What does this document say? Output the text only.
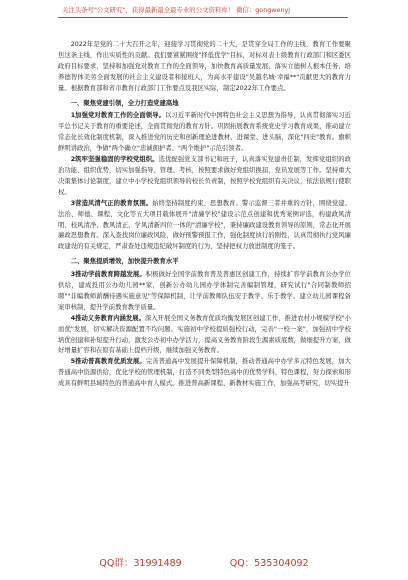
关注头条号"公文研究"，获得最新最全最专业的公文资料库！ 微信：gongwenyj

2022年是党的二十大召开之年，迎接学习贯彻党的二十大，是贯穿全局工作的主线，教育工作要聚焦这条主线，作出实质性的贡献。我们要紧紧围绕"择低优学"目标，对标对表上级教育行政部门和区委区政府目标要求，坚持和加强党对教育工作的全面领导，加快教育高质量发展，落实立德树人根本任务，培养德智体美劳全面发展的社会主义建设者和接班人，为高水平建设"吴越名城·幸福**"贡献更大的教育力量。根据教育部和省市教育行政部门工作要点及我区实际，制定2022年工作要点。

一、聚焦党建引领，全力打造党建高地

1加强党对教育工作的全面领导。以习近平新时代中国特色社会主义思想为指导，认真贯彻落实习近平总书记关于教育的重要论述，全面贯彻党的教育方针。巩固拓展教育系统党史学习教育成果，推动建立常态化长效化制度机制，深入推进党的历史和创新理论进教材、进课堂、进头脑，深化"四史"教育。旗帜鲜明讲政治，争做"两个确立"忠诚拥护者、"两个维护"示范引领者。

2筑牢坚强稳固的学校党组织。选优配强党支部书记和班子，认真落实党建责任制，发挥党组织的政治功能、组织优势，切实加强指导、管理、考核，按照要求做好党组织换届，党员发展等工作。坚持重大决策集体讨论制度，建立中小学校党组织领导的校长负责制，按照学校党组织有关决议，依法依规行使职权。

3营造风清气正的教育氛围。始终坚持制度约束、思想教育、警示监督三者并重的方针，围绕党建、法治、师德、课程、文化等五大项目载体展开"清廉学校"建设示范点创建和优秀案例评选，构建政风清明、校风清净、教风清正、学风清新四位一体的"清廉学校"，秉持廉政建设教育领导的原则，常态化开展廉政思想教育。深入查找岗位廉政风险，做好预警预报工作，强化制度执行的刚性，认真贯彻执行党风廉政建设的有关规定，严肃查处违规违纪破坏制度的行为，坚持把权力放进制度的笼子。

二、聚焦提质增效，加快提升教育水平

3推动学前教育跨越发展。积极做好全国学前教育普及普惠区创建工作，持续扩容学前教育公办学位供给，建成投用公办幼儿园**家，创新公办幼儿园办学体制完善编制管理，研究试行"合同制教师招聘""非编教师薪酬待遇实施意见"等保障机制，让学前教师队伍安于教学、乐于教学。建立幼儿园课程备案审核制，提升学前教育教学质量。

4推动义务教育内涵发展。深入开展全国义务教育优质均衡发展区创建工作，推进农村小规模学校"小而优"发展，切实解决资源配置不均问题。实施初中学校提质强校行动，完善"一校一案"，加强初中学校培优创建和补短提升行动，激发公办初中办学活力，提高义务教育阶段生源素质底数，做细提升方案，做好增量扩容和在原有基础上提档升级，继续加强义务教育。

5推动普高教育优质发展。完善普通高中发展提升保障机制，推动普通高中办学多元特色发展，加大普通高中资源供给，优化学校的管理机制，打造不同类型特色高中的优势学科、特色课程，努力探索和形成具有鲜明县域特色的普通高中育人模式。推进普高新课程、新教材实施工作，加强高考研究，切实提升

QQ群：31991489	QQ：535304092
